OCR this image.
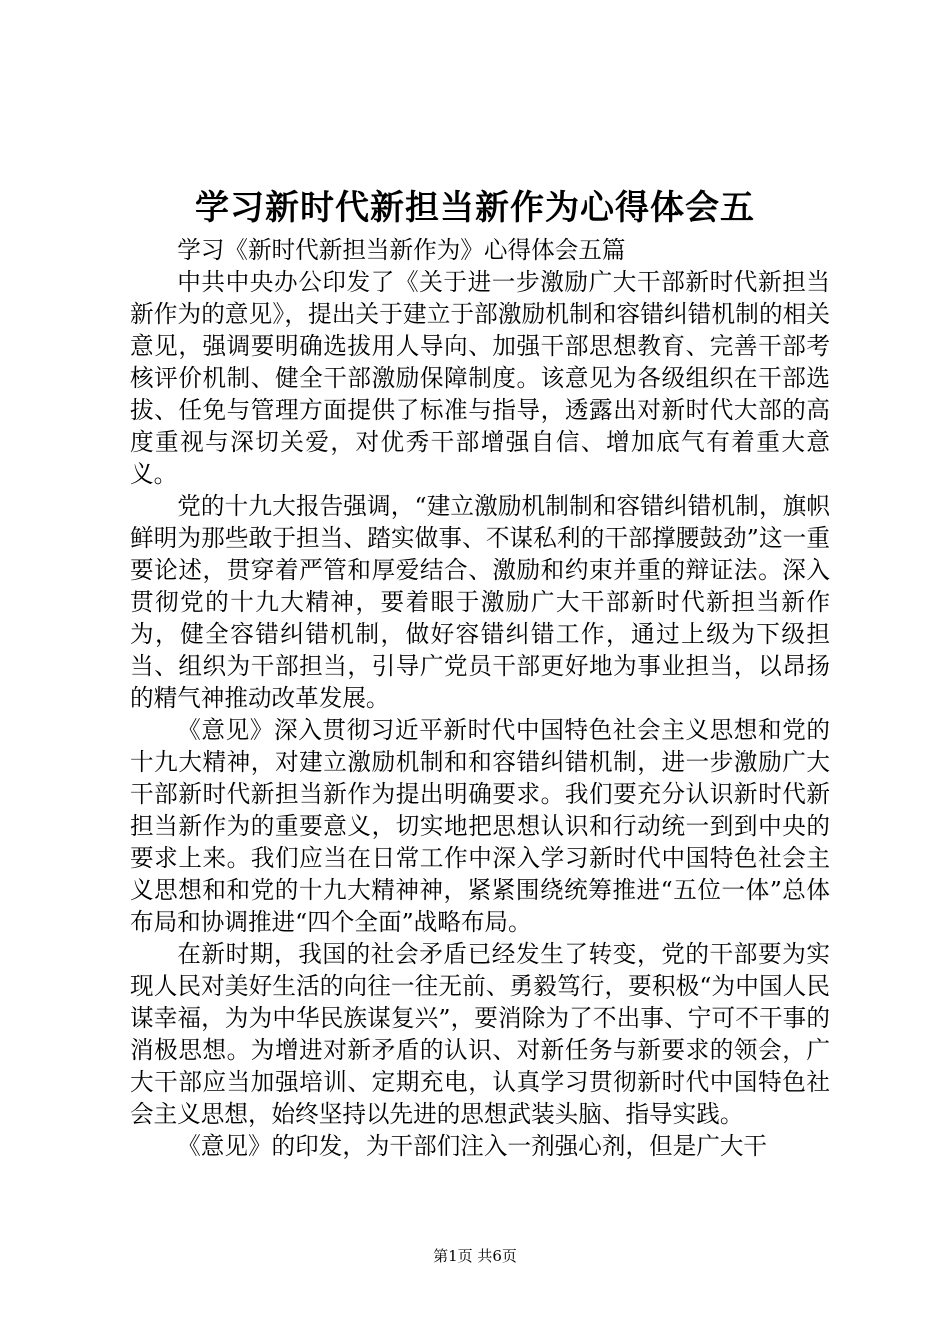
学习新时代新担当新作为心得体会五

学习《新时代新担当新作为》心得体会五篇

中共中央办公印发了《关于进一步激励广大干部新时代新担当新作为的意见》，提出关于建立于部激励机制和容错纠错机制的相关意见，强调要明确选拔用人导向、加强干部思想教育、完善干部考核评价机制、健全干部激励保障制度。该意见为各级组织在干部选拔、任免与管理方面提供了标准与指导，透露出对新时代大部的高度重视与深切关爱，对优秀干部增强自信、增加底气有着重大意义。

党的十九大报告强调，“建立激励机制制和容错纠错机制，旗帜鲜明为那些敢于担当、踏实做事、不谋私利的干部撑腰鼓劲”这一重要论述，贯穿着严管和厚爱结合、激励和约束并重的辩证法。深入贯彻党的十九大精神，要着眼于激励广大干部新时代新担当新作为，健全容错纠错机制，做好容错纠错工作，通过上级为下级担当、组织为干部担当，引导广党员干部更好地为事业担当，以昂扬的精气神推动改革发展。

《意见》深入贯彻习近平新时代中国特色社会主义思想和党的十九大精神，对建立激励机制和和容错纠错机制，进一步激励广大干部新时代新担当新作为提出明确要求。我们要充分认识新时代新担当新作为的重要意义，切实地把思想认识和行动统一到到中央的要求上来。我们应当在日常工作中深入学习新时代中国特色社会主义思想和和党的十九大精神神，紧紧围绕统筹推进“五位一体”总体布局和协调推进“四个全面”战略布局。

在新时期，我国的社会矛盾已经发生了转变，党的干部要为实现人民对美好生活的向往一往无前、勇毅笃行，要积极“为中国人民谋幸福，为为中华民族谋复兴”，要消除为了不出事、宁可不干事的消极思想。为增进对新矛盾的认识、对新任务与新要求的领会，广大干部应当加强培训、定期充电，认真学习贯彻新时代中国特色社会主义思想，始终坚持以先进的思想武装头脑、指导实践。

《意见》的印发，为干部们注入一剂强心剂，但是广大干

第1页 共6页
